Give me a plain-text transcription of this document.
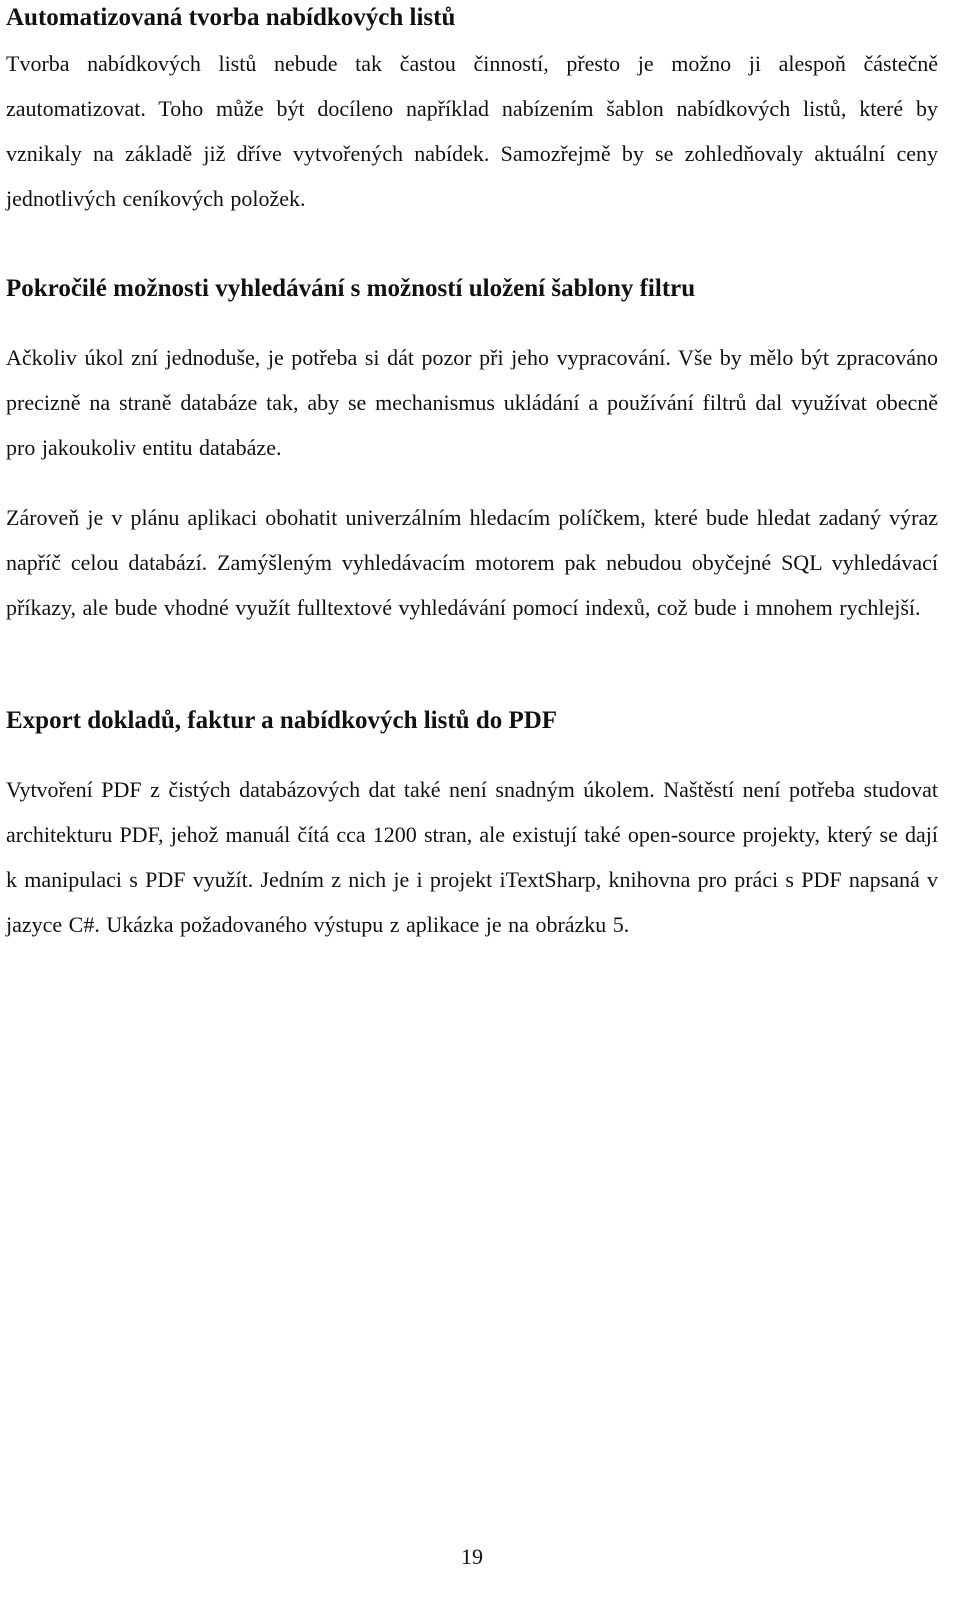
Automatizovaná tvorba nabídkových listů

Tvorba nabídkových listů nebude tak častou činností, přesto je možno ji alespoň částečně zautomatizovat. Toho může být docíleno například nabízením šablon nabídkových listů, které by vznikaly na základě již dříve vytvořených nabídek. Samozřejmě by se zohledňovaly aktuální ceny jednotlivých ceníkových položek.

Pokročilé možnosti vyhledávání s možností uložení šablony filtru

Ačkoliv úkol zní jednoduše, je potřeba si dát pozor při jeho vypracování. Vše by mělo být zpracováno precizně na straně databáze tak, aby se mechanismus ukládání a používání filtrů dal využívat obecně pro jakoukoliv entitu databáze.

Zároveň je v plánu aplikaci obohatit univerzálním hledacím políčkem, které bude hledat zadaný výraz napříč celou databází. Zamýšleným vyhledávacím motorem pak nebudou obyčejné SQL vyhledávací příkazy, ale bude vhodné využít fulltextové vyhledávání pomocí indexů, což bude i mnohem rychlejší.

Export dokladů, faktur a nabídkových listů do PDF

Vytvoření PDF z čistých databázových dat také není snadným úkolem. Naštěstí není potřeba studovat architekturu PDF, jehož manuál čítá cca 1200 stran, ale existují také open-source projekty, který se dají k manipulaci s PDF využít. Jedním z nich je i projekt iTextSharp, knihovna pro práci s PDF napsaná v jazyce C#. Ukázka požadovaného výstupu z aplikace je na obrázku 5.

19
